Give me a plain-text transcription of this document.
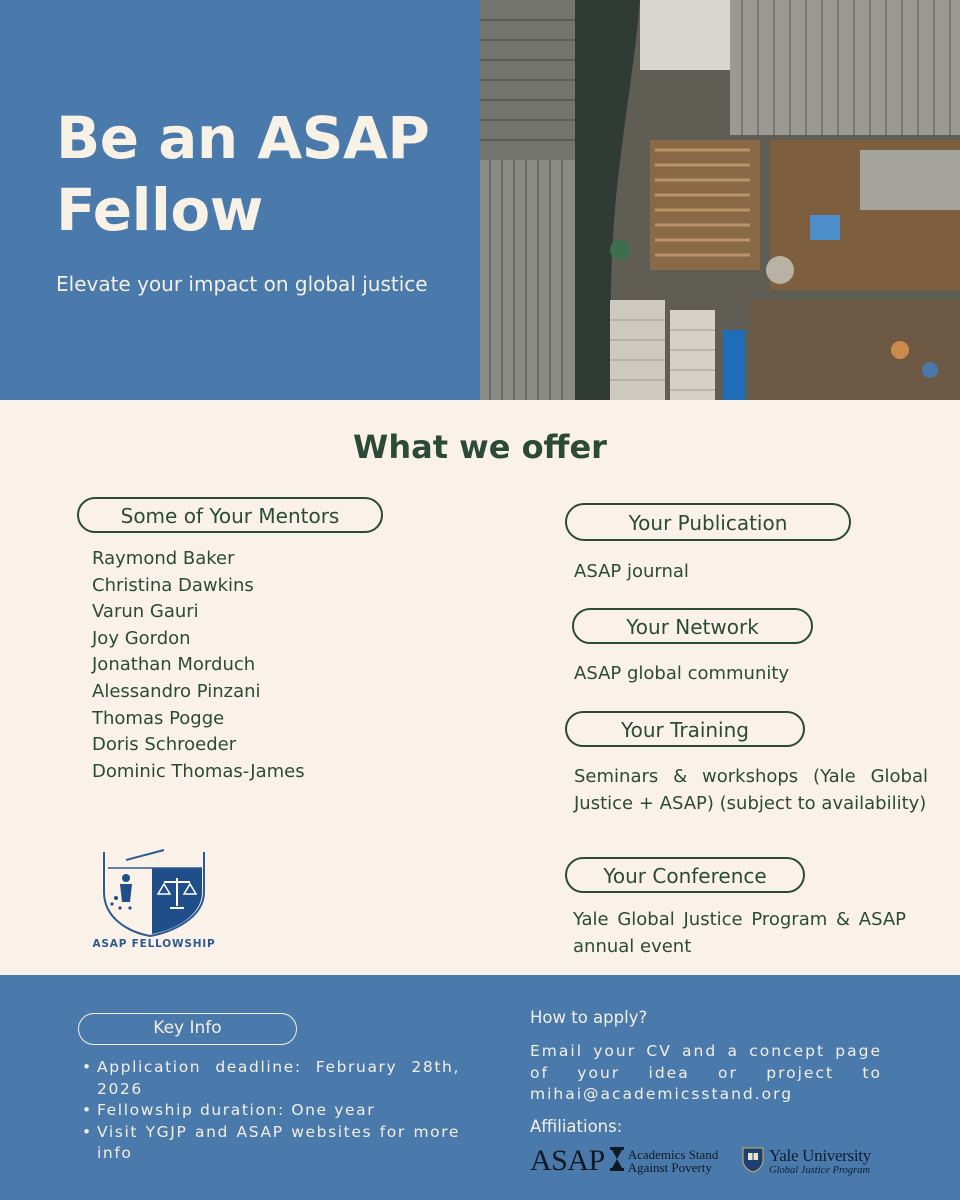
Be an ASAP Fellow

Elevate your impact on global justice

What we offer
Some of Your Mentors
Raymond Baker
Christina Dawkins
Varun Gauri
Joy Gordon
Jonathan Morduch
Alessandro Pinzani
Thomas Pogge
Doris Schroeder
Dominic Thomas-James
Your Publication

ASAP journal

Your Network

ASAP global community

Your Training

Seminars & workshops (Yale Global Justice + ASAP) (subject to availability)

Your Conference

Yale Global Justice Program & ASAP annual event

ASAP FELLOWSHIP
Key Info
• Application deadline: February 28th, 2026
• Fellowship duration: One year
• Visit YGJP and ASAP websites for more info

How to apply?

Email your CV and a concept page of your idea or project to mihai@academicsstand.org

Affiliations:

ASAP Academics Stand
Against Poverty
Yale University
Global Justice Program
